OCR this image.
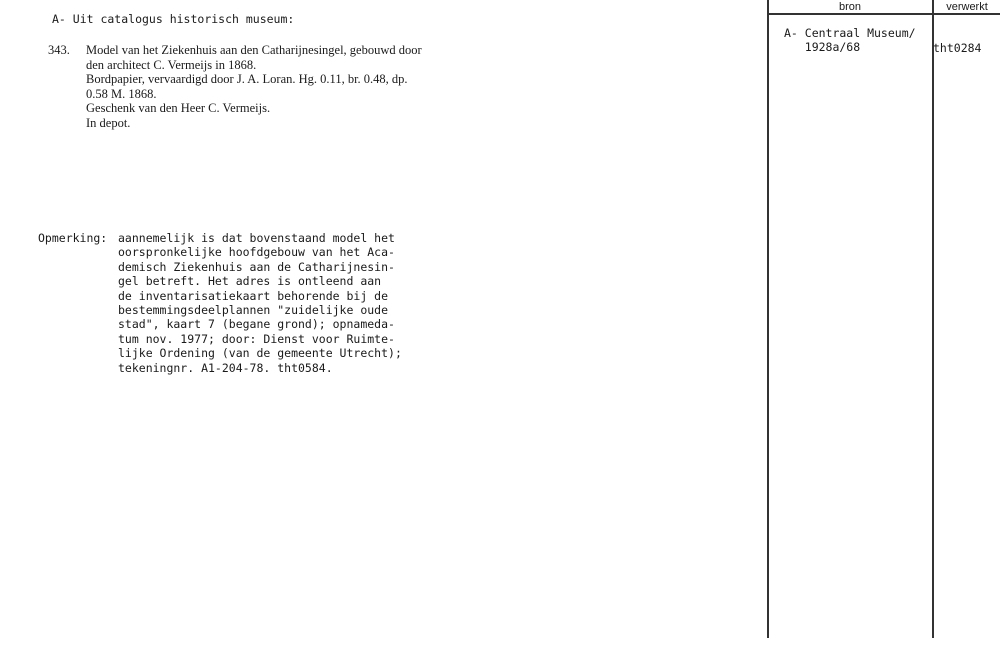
A- Uit catalogus historisch museum:
343. Model van het Ziekenhuis aan den Catharijnesingel, gebouwd door
den architect C. Vermeijs in 1868.
Bordpapier, vervaardigd door J. A. Loran. Hg. 0.11, br. 0.48, dp.
0.58 M. 1868.
Geschenk van den Heer C. Vermeijs.
In depot.
Opmerking: aannemelijk is dat bovenstaand model het
oorspronkelijke hoofdgebouw van het Aca-
demisch Ziekenhuis aan de Catharijnesin-
gel betreft. Het adres is ontleend aan
de inventarisatiekaart behorende bij de
bestemmingsdeelplannen "zuidelijke oude
stad", kaart 7 (begane grond); opnameda-
tum nov. 1977; door: Dienst voor Ruimte-
lijke Ordening (van de gemeente Utrecht);
tekeningnr. A1-204-78. tht0584.
bron	verwerkt
A- Centraal Museum/
1928a/68	tht0284
